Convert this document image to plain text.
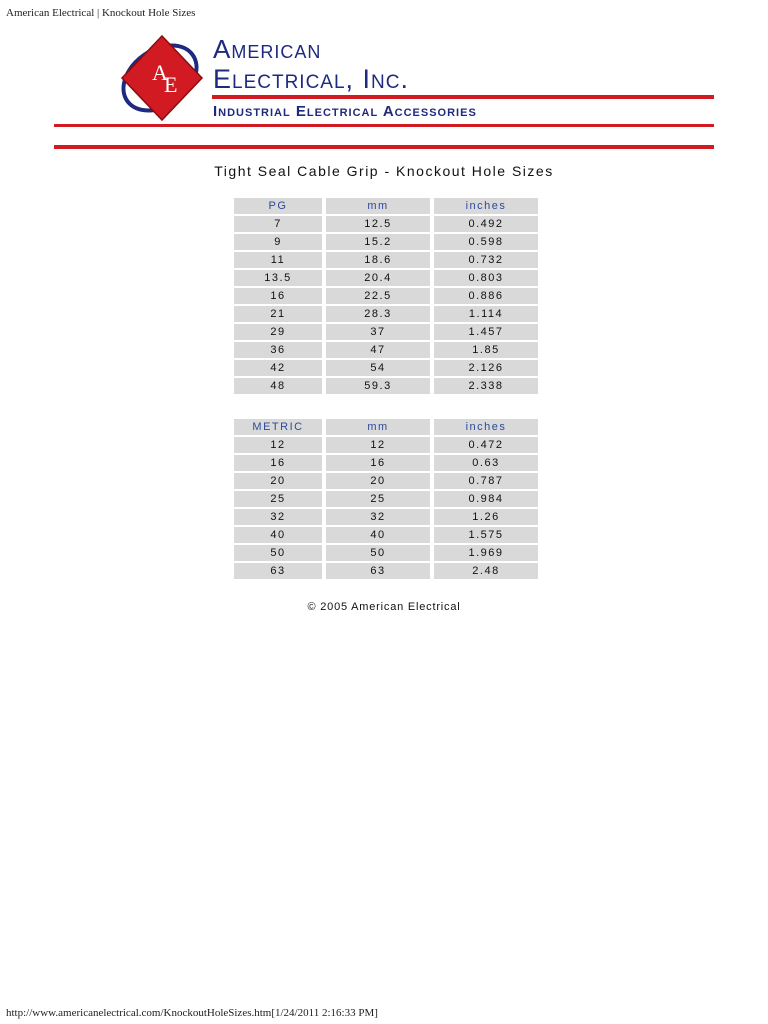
American Electrical | Knockout Hole Sizes
A
E
American
Electrical, Inc.
Industrial Electrical Accessories
Tight Seal Cable Grip - Knockout Hole Sizes
PG	mm	inches
7	12.5	0.492
9	15.2	0.598
11	18.6	0.732
13.5	20.4	0.803
16	22.5	0.886
21	28.3	1.114
29	37	1.457
36	47	1.85
42	54	2.126
48	59.3	2.338
METRIC	mm	inches
12	12	0.472
16	16	0.63
20	20	0.787
25	25	0.984
32	32	1.26
40	40	1.575
50	50	1.969
63	63	2.48
© 2005 American Electrical
http://www.americanelectrical.com/KnockoutHoleSizes.htm[1/24/2011 2:16:33 PM]
